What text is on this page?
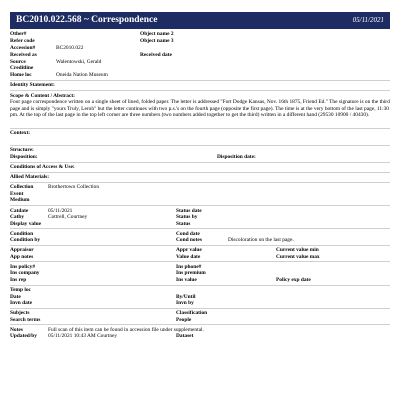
BC2010.022.568 ~ Correspondence	05/11/2021
Other#	Object name 2
Refer code	Object name 3
Accession#	BC2010.022
Received as	Received date
Source	Walentowski, Gerald
Creditline
Home loc	Oneida Nation Museum
Identity Statement:
Scope & Content / Abstract:
Four page correspondence written on a single sheet of lined, folded paper. The letter is addressed "Fort Dodge Kansas, Nov. 16th 1875, Friend Ed." The signature is on the third page and is simply "yours Truly, Leroh" but the letter continues with two p.s.'s on the fourth page (opposite the first page). The time is at the very bottom of the last page, 11:30 pm. At the top of the last page in the top left corner are three numbers (two numbers added together to get the third) written in a different hand (29530 10900 / 40430).
Context:
Structure:
Disposition:	Disposition date:
Conditions of Access & Use:
Allied Materials:
Collection	Brothertown Collection
Event
Medium
Catdate	05/11/2021	Status date
Catby	Cottrell, Courtney	Status by
Display value	Status
Condition	Cond date
Condition by	Cond notes	Discoloration on the last page.
Appraisor	Appr value	Current value min
App notes	Value date	Current value max
Ins policy#	Ins phone#
Ins company	Ins premium
Ins rep	Ins value	Policy exp date
Temp loc
Date	By/Until
Invn date	Invn by
Subjects	Classification
Search terms	People
Notes	Full scan of this item can be found in accession file under supplemental.
Updated/by	05/11/2021 10:43 AM Courtney	Dataset
